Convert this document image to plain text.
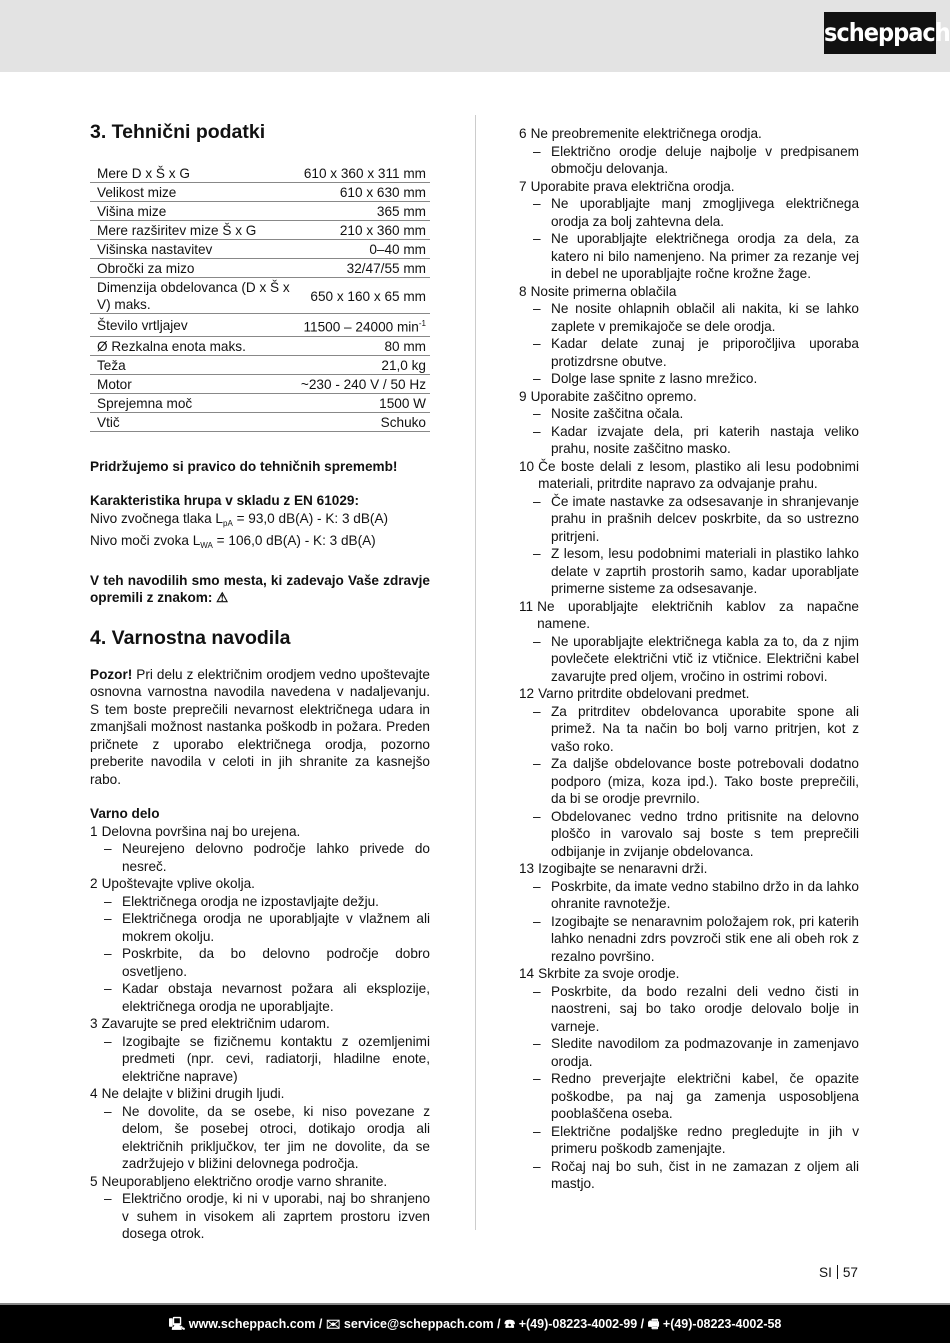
scheppach
3. Tehnični podatki
Mere D x Š x G	610 x 360 x 311 mm
Velikost mize	610 x 630 mm
Višina mize	365 mm
Mere razširitev mize Š x G	210 x 360 mm
Višinska nastavitev	0–40 mm
Obročki za mizo	32/47/55 mm
Dimenzija obdelovanca (D x Š x V) maks.	650 x 160 x 65 mm
Število vrtljajev	11500 – 24000 $\min^{-1}$
Ø Rezkalna enota maks.	80 mm
Teža	21,0 kg
Motor	~230 - 240 V / 50 Hz
Sprejemna moč	1500 W
Vtič	Schuko

Pridržujemo si pravico do tehničnih sprememb!

Karakteristika hrupa v skladu z EN 61029:
Nivo zvočnega tlaka $L_{pA} = 93,0$ dB(A) - K: 3 dB(A)
Nivo moči zvoka $L_{WA} = 106,0$ dB(A) - K: 3 dB(A)

V teh navodilih smo mesta, ki zadevajo Vaše zdravje opremili z znakom: ⚠

4. Varnostna navodila

Pozor! Pri delu z električnim orodjem vedno upoštevajte osnovna varnostna navodila navedena v nadaljevanju. S tem boste preprečili nevarnost električnega udara in zmanjšali možnost nastanka poškodb in požara. Preden pričnete z uporabo električnega orodja, pozorno preberite navodila v celoti in jih shranite za kasnejšo rabo.

Varno delo
1 Delovna površina naj bo urejena.
– Neurejeno delovno področje lahko privede do nesreč.
2 Upoštevajte vplive okolja.
– Električnega orodja ne izpostavljajte dežju.
– Električnega orodja ne uporabljajte v vlažnem ali mokrem okolju.
– Poskrbite, da bo delovno področje dobro osvetljeno.
– Kadar obstaja nevarnost požara ali eksplozije, električnega orodja ne uporabljajte.
3 Zavarujte se pred električnim udarom.
– Izogibajte se fizičnemu kontaktu z ozemljenimi predmeti (npr. cevi, radiatorji, hladilne enote, električne naprave)
4 Ne delajte v bližini drugih ljudi.
– Ne dovolite, da se osebe, ki niso povezane z delom, še posebej otroci, dotikajo orodja ali električnih priključkov, ter jim ne dovolite, da se zadržujejo v bližini delovnega področja.
5 Neuporabljeno električno orodje varno shranite.
– Električno orodje, ki ni v uporabi, naj bo shranjeno v suhem in visokem ali zaprtem prostoru izven dosega otrok.
6 Ne preobremenite električnega orodja.
– Električno orodje deluje najbolje v predpisanem območju delovanja.
7 Uporabite prava električna orodja.
– Ne uporabljajte manj zmogljivega električnega orodja za bolj zahtevna dela.
– Ne uporabljajte električnega orodja za dela, za katero ni bilo namenjeno. Na primer za rezanje vej in debel ne uporabljajte ročne krožne žage.
8 Nosite primerna oblačila
– Ne nosite ohlapnih oblačil ali nakita, ki se lahko zaplete v premikajoče se dele orodja.
– Kadar delate zunaj je priporočljiva uporaba protizdrsne obutve.
– Dolge lase spnite z lasno mrežico.
9 Uporabite zaščitno opremo.
– Nosite zaščitna očala.
– Kadar izvajate dela, pri katerih nastaja veliko prahu, nosite zaščitno masko.
10 Če boste delali z lesom, plastiko ali lesu podobnimi materiali, pritrdite napravo za odvajanje prahu.
– Če imate nastavke za odsesavanje in shranjevanje prahu in prašnih delcev poskrbite, da so ustrezno pritrjeni.
– Z lesom, lesu podobnimi materiali in plastiko lahko delate v zaprtih prostorih samo, kadar uporabljate primerne sisteme za odsesavanje.
11 Ne uporabljajte električnih kablov za napačne namene.
– Ne uporabljajte električnega kabla za to, da z njim povlečete električni vtič iz vtičnice. Električni kabel zavarujte pred oljem, vročino in ostrimi robovi.
12 Varno pritrdite obdelovani predmet.
– Za pritrditev obdelovanca uporabite spone ali primež. Na ta način bo bolj varno pritrjen, kot z vašo roko.
– Za daljše obdelovance boste potrebovali dodatno podporo (miza, koza ipd.). Tako boste preprečili, da bi se orodje prevrnilo.
– Obdelovanec vedno trdno pritisnite na delovno ploščo in varovalo saj boste s tem preprečili odbijanje in zvijanje obdelovanca.
13 Izogibajte se nenaravni drži.
– Poskrbite, da imate vedno stabilno držo in da lahko ohranite ravnotežje.
– Izogibajte se nenaravnim položajem rok, pri katerih lahko nenadni zdrs povzroči stik ene ali obeh rok z rezalno površino.
14 Skrbite za svoje orodje.
– Poskrbite, da bodo rezalni deli vedno čisti in naostreni, saj bo tako orodje delovalo bolje in varneje.
– Sledite navodilom za podmazovanje in zamenjavo orodja.
– Redno preverjajte električni kabel, če opazite poškodbe, pa naj ga zamenja usposobljena pooblaščena oseba.
– Električne podaljške redno pregledujte in jih v primeru poškodb zamenjajte.
– Ročaj naj bo suh, čist in ne zamazan z oljem ali mastjo.
SI 57
🖳 www.scheppach.com / ✉ service@scheppach.com / ☎ +(49)-08223-4002-99 / 🖷 +(49)-08223-4002-58
